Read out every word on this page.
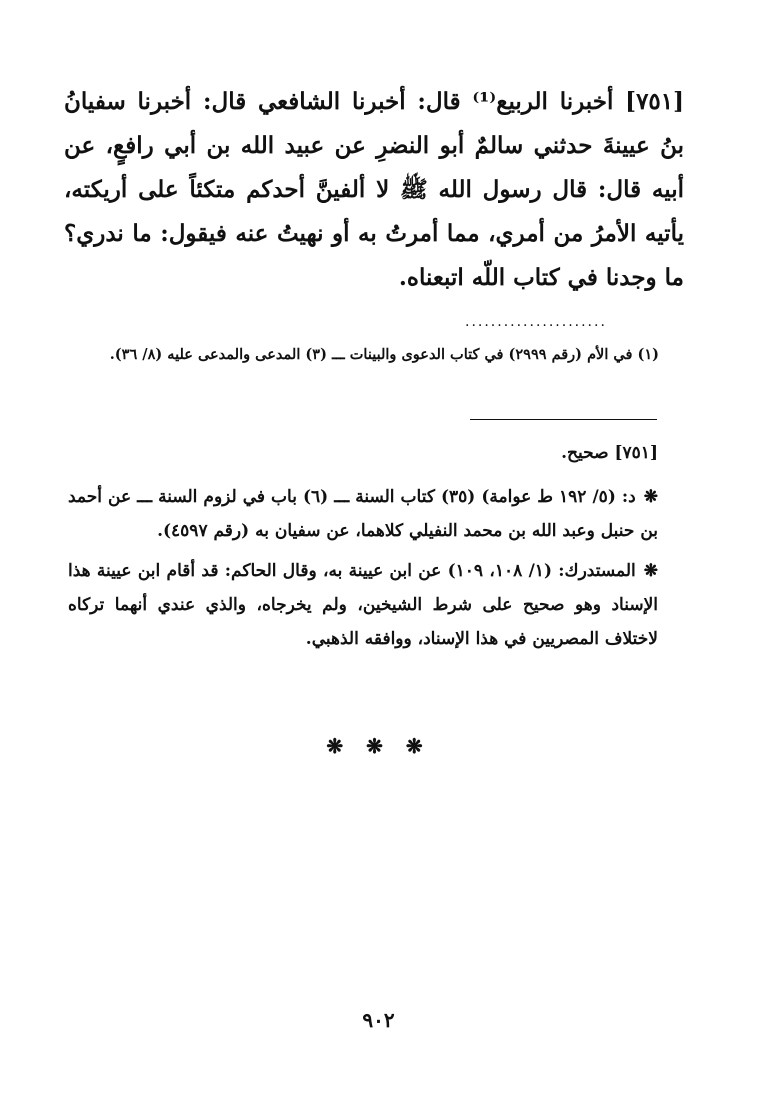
[٧٥١] أخبرنا الربيع⁽¹⁾ قال: أخبرنا الشافعي قال: أخبرنا سفيانُ بنُ عيينةَ حدثني سالمٌ أبو النضرِ عن عبيد الله بن أبي رافعٍ، عن أبيه قال: قال رسول الله ﷺ لا ألفينَّ أحدكم متكئاً على أريكته، يأتيه الأمرُ من أمري، مما أمرتُ به أو نهيتُ عنه فيقول: ما ندري؟ ما وجدنا في كتاب اللّه اتبعناه.

......................
(١) في الأم (رقم ٢٩٩٩) في كتاب الدعوى والبينات ـــ (٣) المدعى والمدعى عليه (٨/ ٣٦).

[٧٥١] صحيح.

❋د: (٥/ ١٩٢ ط عوامة) (٣٥) كتاب السنة ـــ (٦) باب في لزوم السنة ـــ عن أحمد بن حنبل وعبد الله بن محمد النفيلي كلاهما، عن سفيان به (رقم ٤٥٩٧).

❋المستدرك: (١/ ١٠٨، ١٠٩) عن ابن عيينة به، وقال الحاكم: قد أقام ابن عيينة هذا الإسناد وهو صحيح على شرط الشيخين، ولم يخرجاه، والذي عندي أنهما تركاه لاختلاف المصريين في هذا الإسناد، ووافقه الذهبي.

❋ ❋ ❋
٩٠٢
